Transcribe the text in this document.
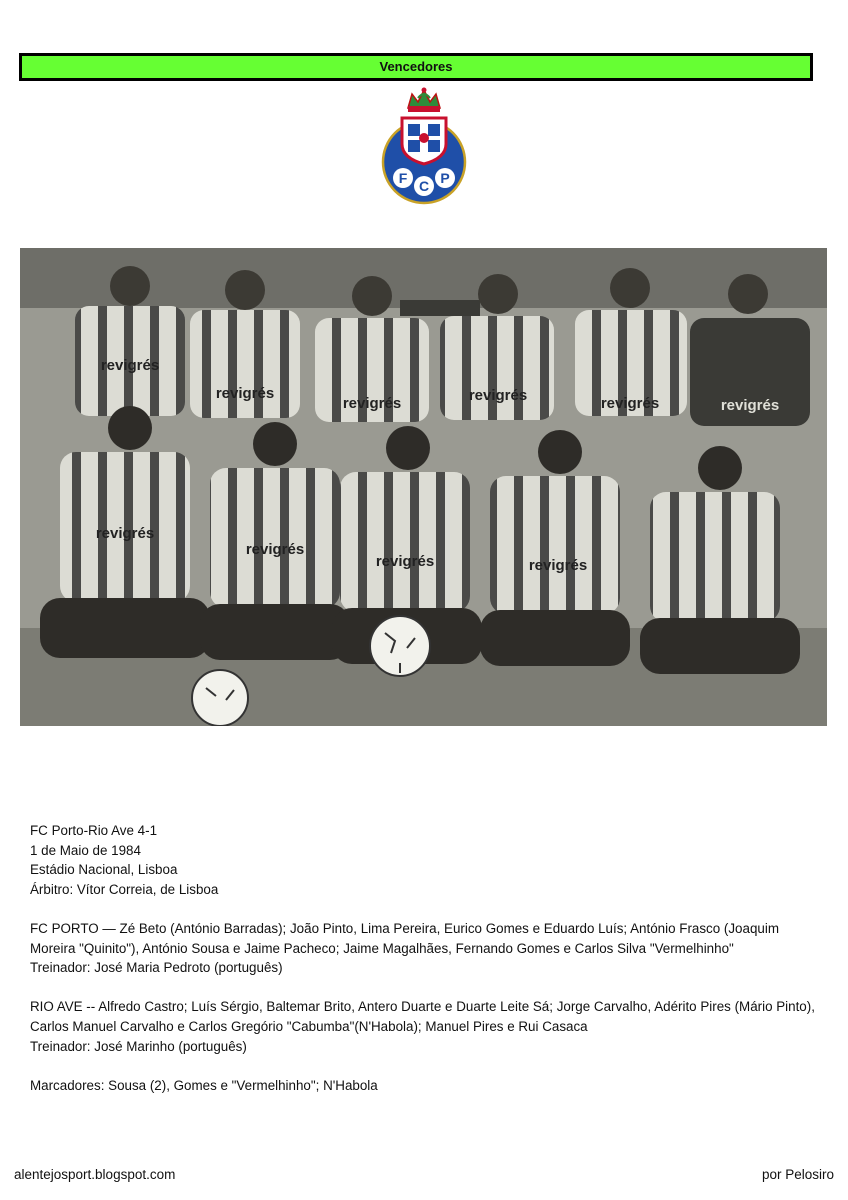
Vencedores
F C P
revigrés
revigrés
revigrés	revigrés	revigrés	revigrés
revigrés
revigrés
revigrés	revigrés

FC Porto-Rio Ave 4-1

1 de Maio de 1984

Estádio Nacional, Lisboa

Árbitro: Vítor Correia, de Lisboa

FC PORTO — Zé Beto (António Barradas); João Pinto, Lima Pereira, Eurico Gomes e Eduardo Luís; António Frasco (Joaquim Moreira "Quinito"), António Sousa e Jaime Pacheco; Jaime Magalhães, Fernando Gomes e Carlos Silva "Vermelhinho"

Treinador: José Maria Pedroto (português)

RIO AVE -- Alfredo Castro; Luís Sérgio, Baltemar Brito, Antero Duarte e Duarte Leite Sá; Jorge Carvalho, Adérito Pires (Mário Pinto), Carlos Manuel Carvalho e Carlos Gregório "Cabumba"(N'Habola); Manuel Pires e Rui Casaca

Treinador: José Marinho (português)

Marcadores: Sousa (2), Gomes e "Vermelhinho"; N'Habola

alentejosport.blogspot.com	por Pelosiro
